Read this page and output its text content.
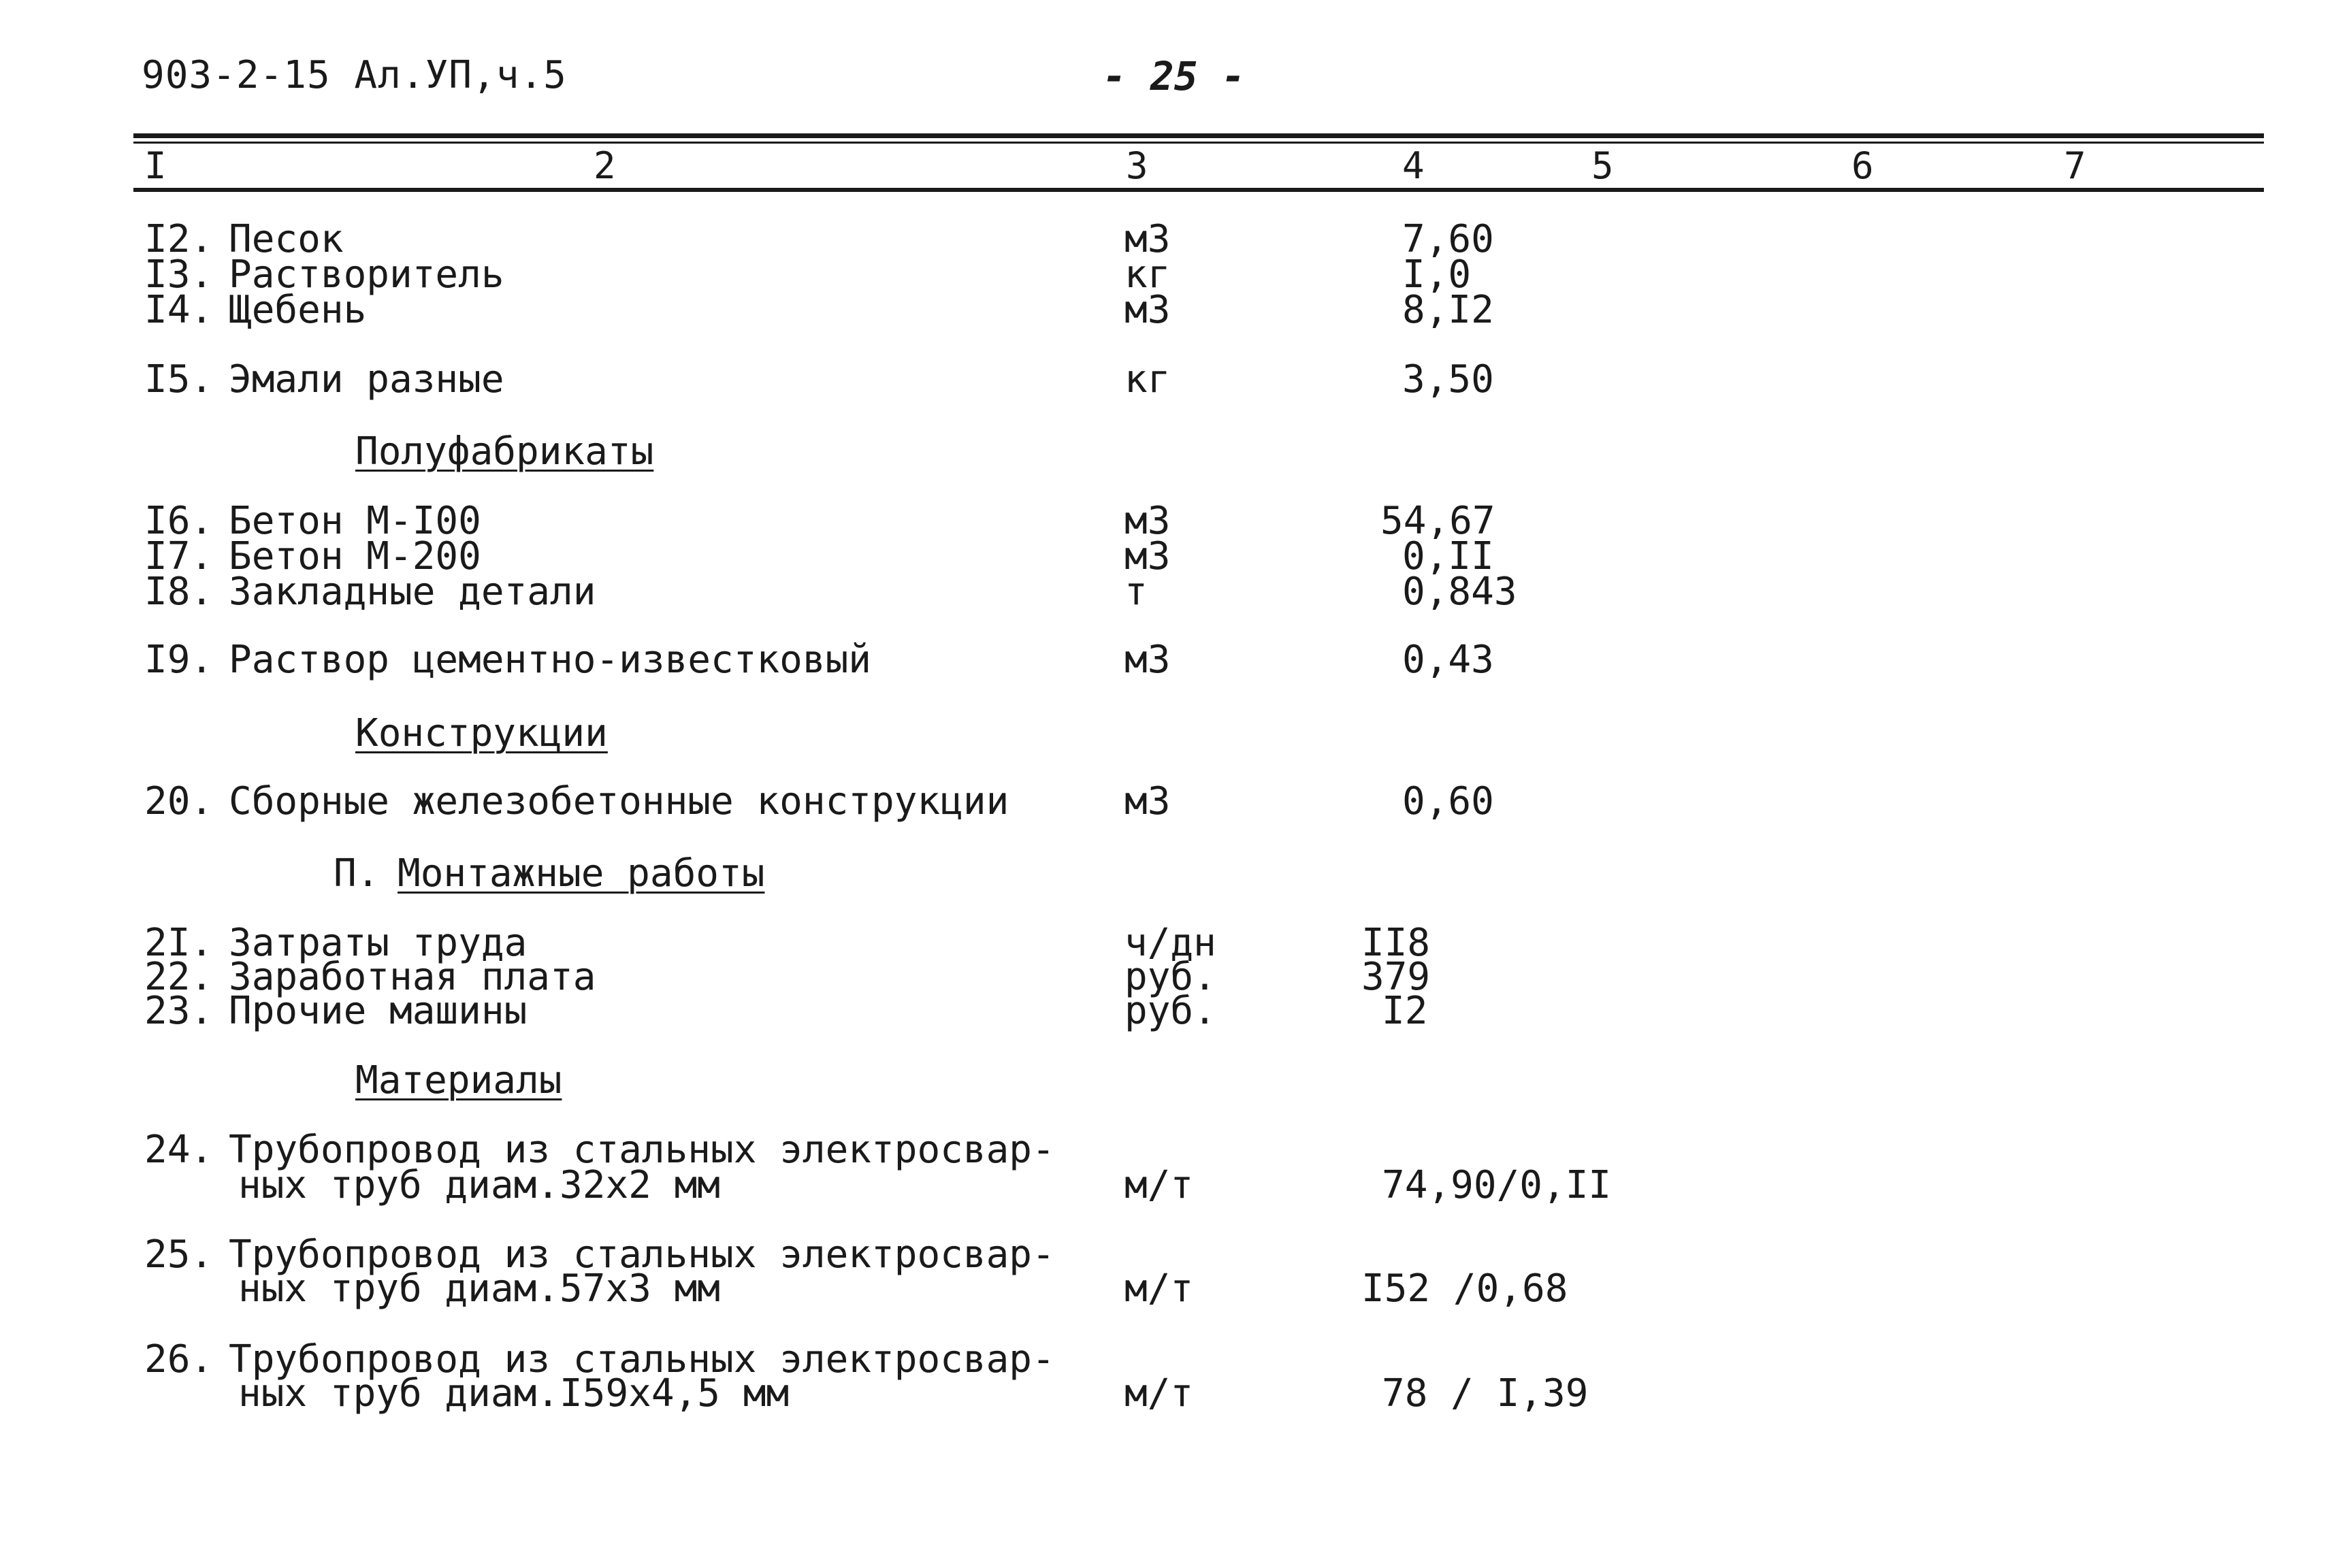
903-2-15 Ал.УП,ч.5	- 25 -
I	2	3	4	5	6	7
I2. Песок	м3	7,60
I3. Растворитель	кг	I,0
I4. Щебень	м3	8,I2
I5. Эмали разные	кг	3,50
Полуфабрикаты
I6. Бетон М-I00	м3	54,67
I7. Бетон М-200	м3	0,II
I8. Закладные детали	т	0,843
I9. Раствор цементно-известковый	м3	0,43
Конструкции
20. Сборные железобетонные конструкции	м3	0,60
П. Монтажные работы
2I. Затраты труда	ч/дн	II8
22. Заработная плата	руб.	379
23. Прочие машины	руб.	I2
Материалы
24. Трубопровод из стальных электросвар-
ных труб диам.32х2 мм	м/т	74,90/0,II
25. Трубопровод из стальных электросвар-
ных труб диам.57х3 мм	м/т	I52 /0,68
26. Трубопровод из стальных электросвар-
ных труб диам.I59х4,5 мм	м/т	78 / I,39
